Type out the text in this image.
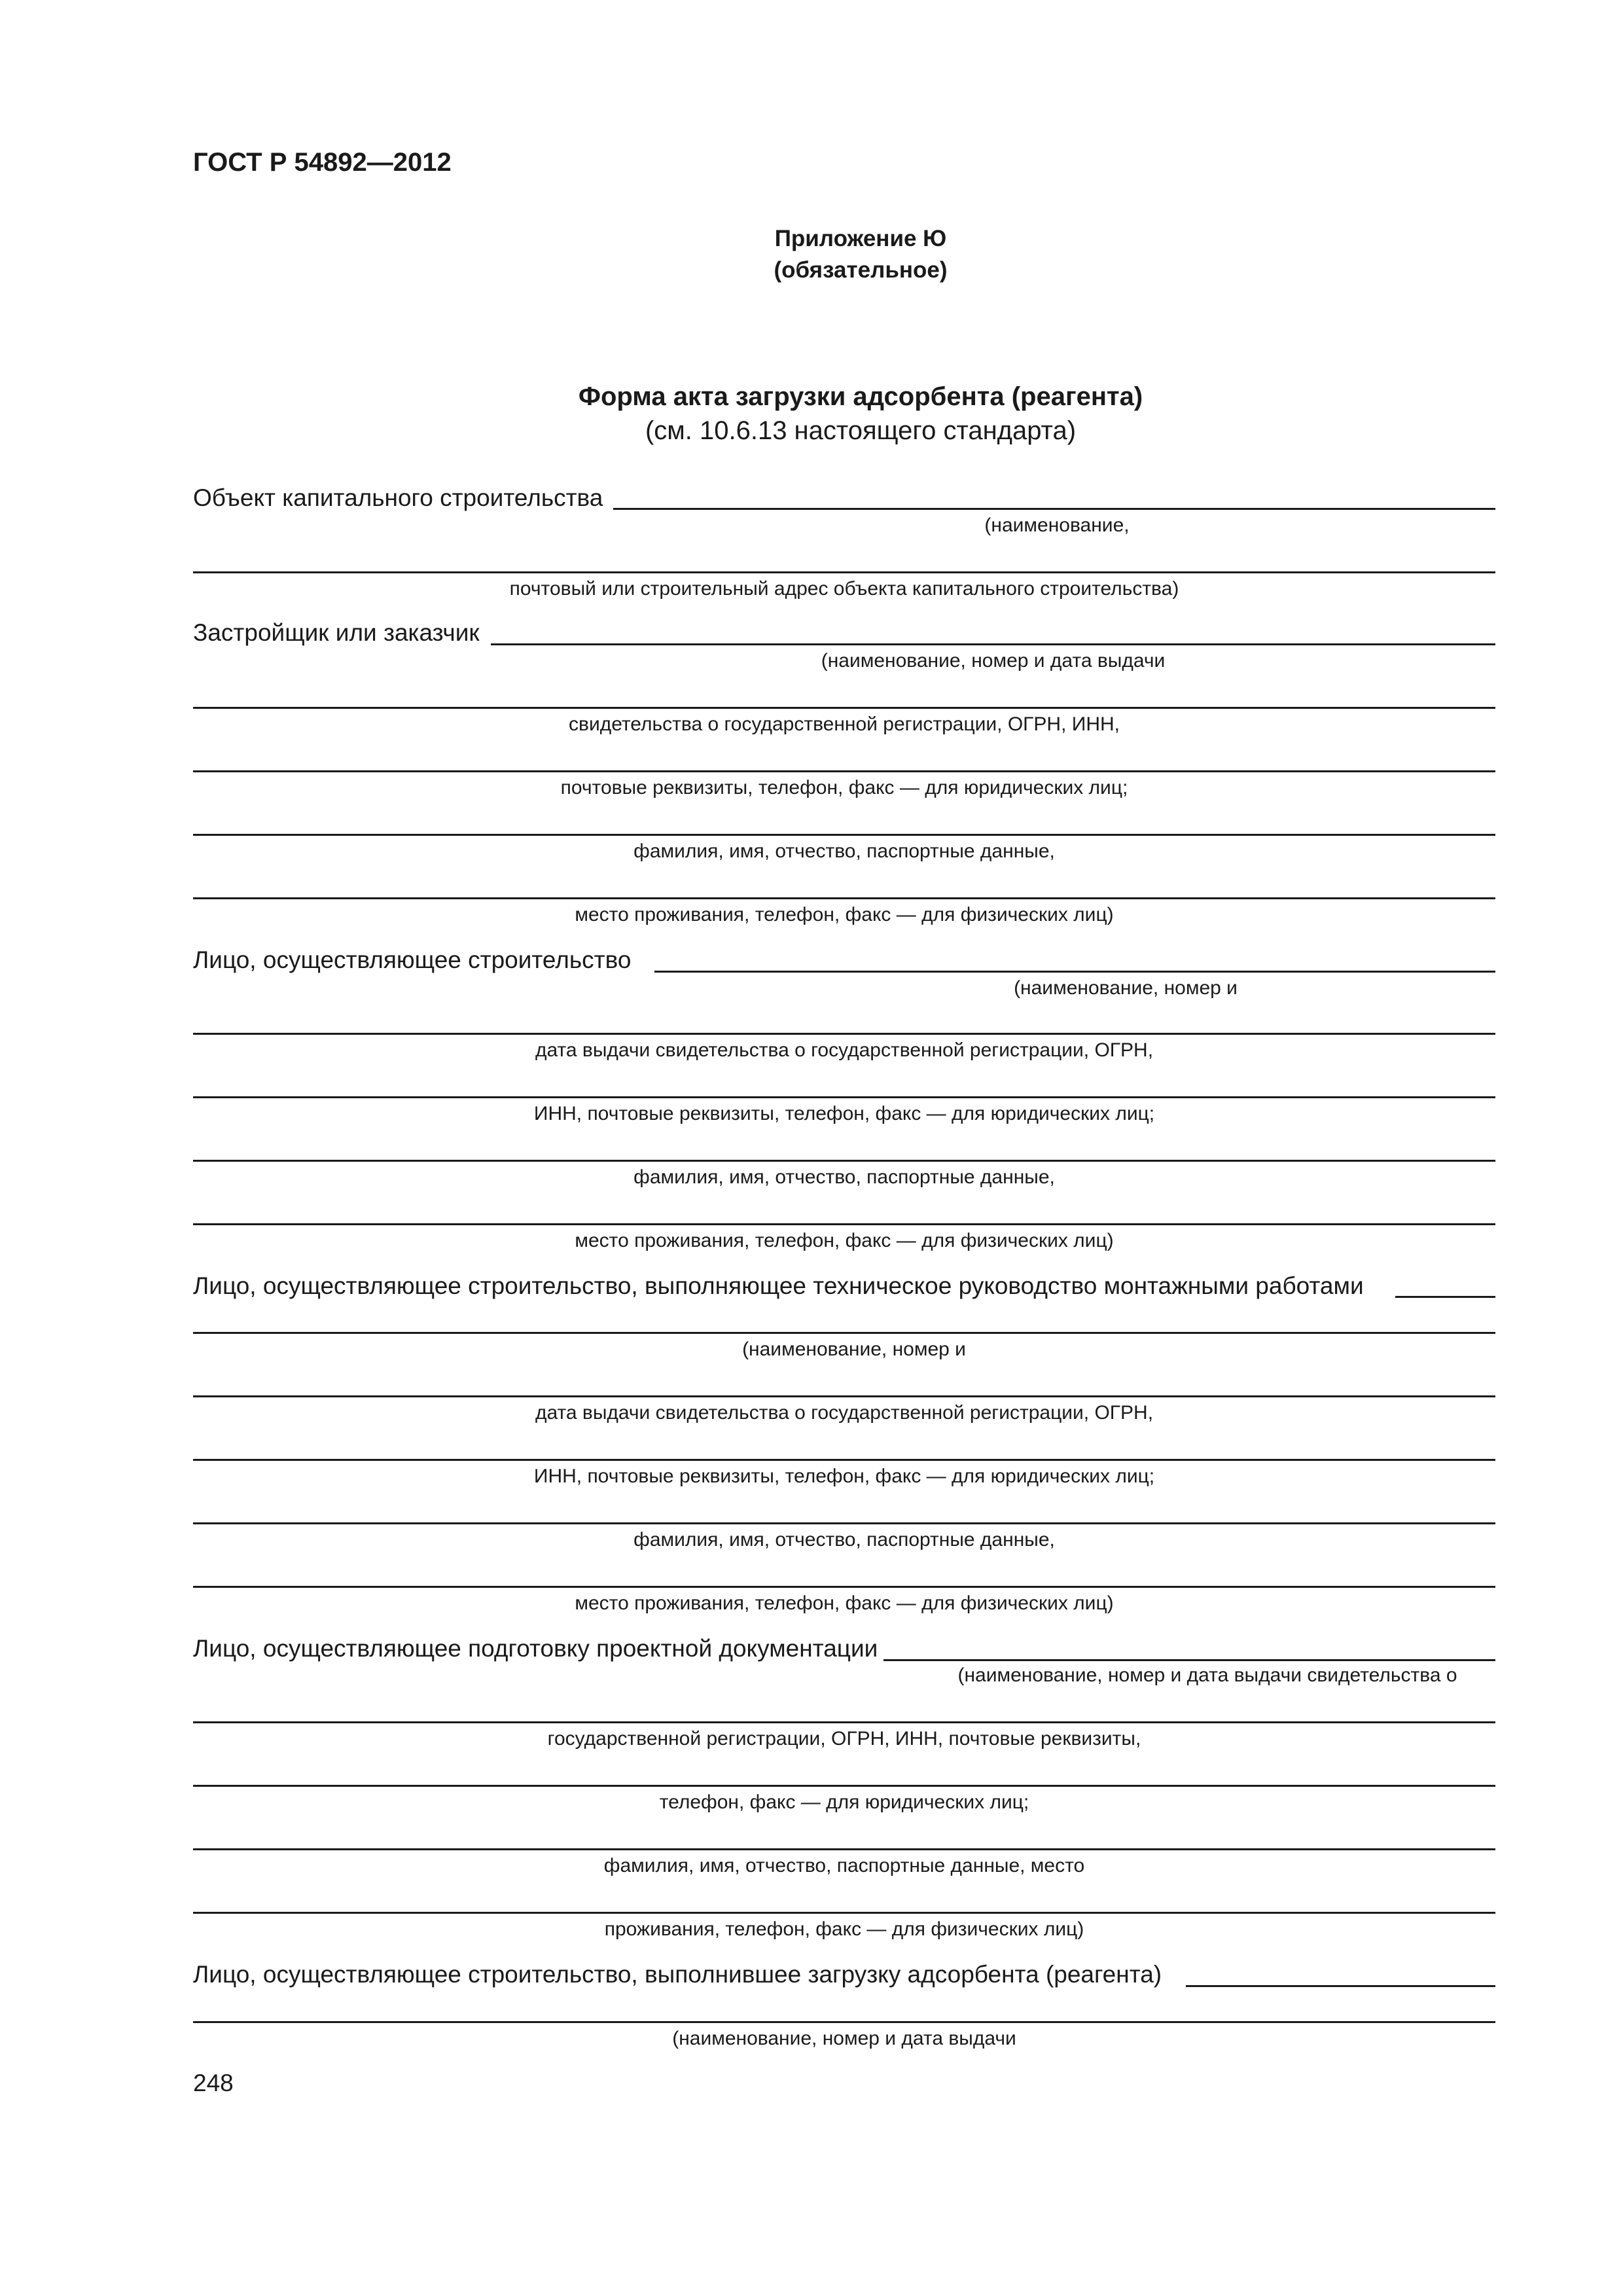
ГОСТ Р 54892—2012
Приложение Ю
(обязательное)
Форма акта загрузки адсорбента (реагента)
(см. 10.6.13 настоящего стандарта)
Объект капитального строительства
(наименование,
почтовый или строительный адрес объекта капитального строительства)
Застройщик или заказчик
(наименование, номер и дата выдачи
свидетельства о государственной регистрации, ОГРН, ИНН,
почтовые реквизиты, телефон, факс — для юридических лиц;
фамилия, имя, отчество, паспортные данные,
место проживания, телефон, факс — для физических лиц)
Лицо, осуществляющее строительство
(наименование, номер и
дата выдачи свидетельства о государственной регистрации, ОГРН,
ИНН, почтовые реквизиты, телефон, факс — для юридических лиц;
фамилия, имя, отчество, паспортные данные,
место проживания, телефон, факс — для физических лиц)
Лицо, осуществляющее строительство, выполняющее техническое руководство монтажными работами
(наименование, номер и
дата выдачи свидетельства о государственной регистрации, ОГРН,
ИНН, почтовые реквизиты, телефон, факс — для юридических лиц;
фамилия, имя, отчество, паспортные данные,
место проживания, телефон, факс — для физических лиц)
Лицо, осуществляющее подготовку проектной документации
(наименование, номер и дата выдачи свидетельства о
государственной регистрации, ОГРН, ИНН, почтовые реквизиты,
телефон, факс — для юридических лиц;
фамилия, имя, отчество, паспортные данные, место
проживания, телефон, факс — для физических лиц)
Лицо, осуществляющее строительство, выполнившее загрузку адсорбента (реагента)
(наименование, номер и дата выдачи
248
